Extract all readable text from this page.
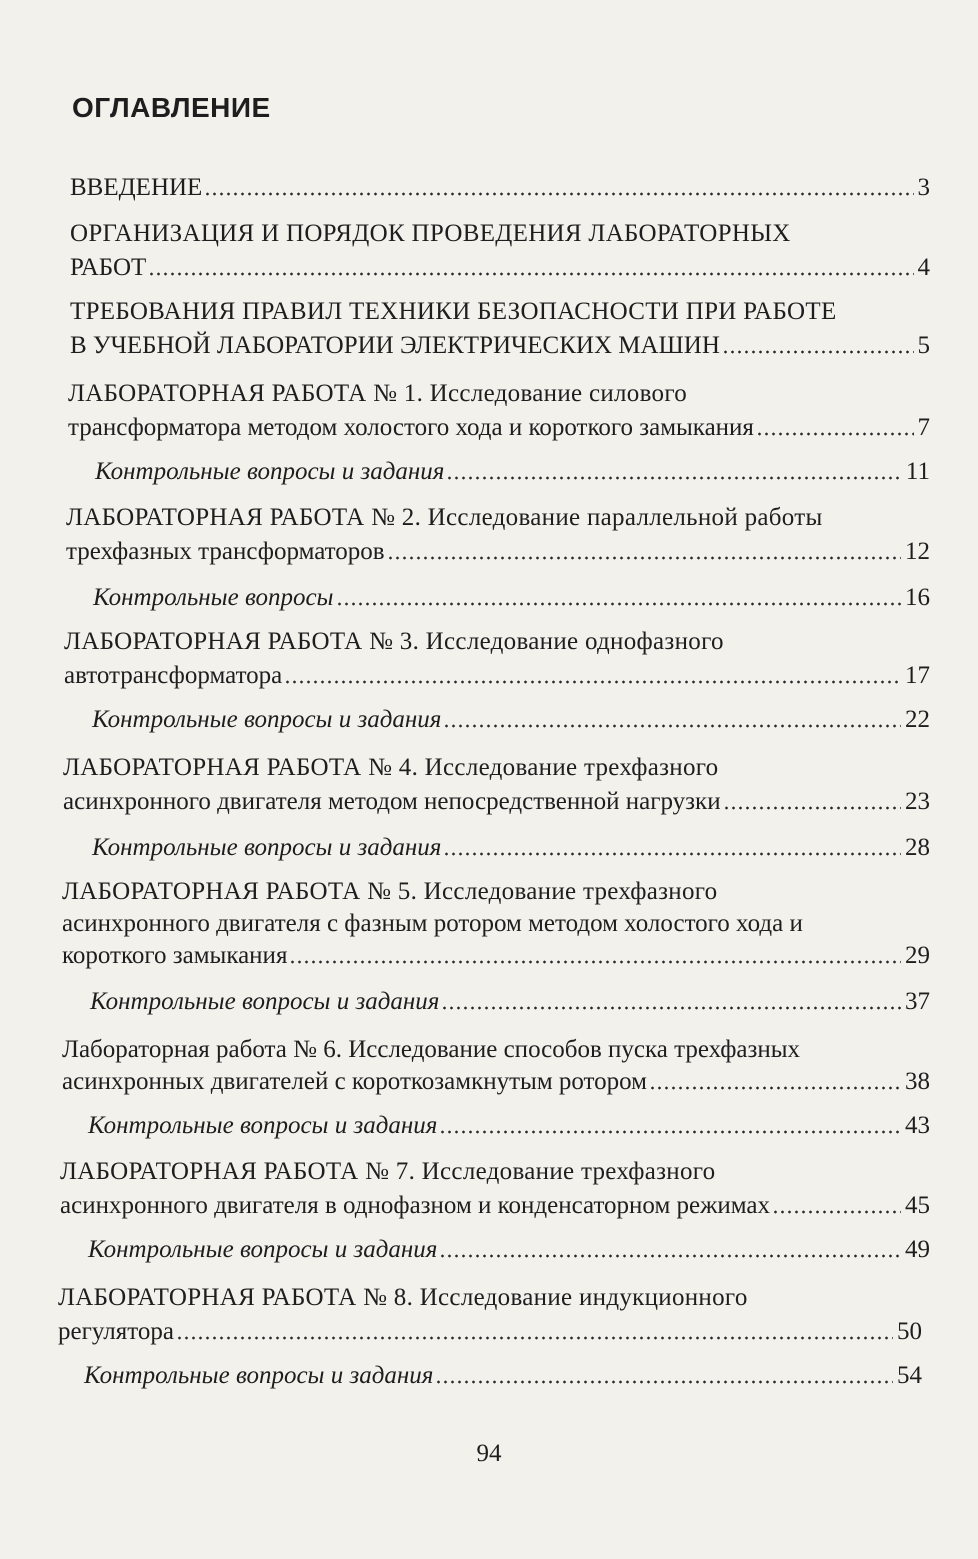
ОГЛАВЛЕНИЕ
ВВЕДЕНИЕ	3
ОРГАНИЗАЦИЯ И ПОРЯДОК ПРОВЕДЕНИЯ ЛАБОРАТОРНЫХ
РАБОТ	4
ТРЕБОВАНИЯ ПРАВИЛ ТЕХНИКИ БЕЗОПАСНОСТИ ПРИ РАБОТЕ
В УЧЕБНОЙ ЛАБОРАТОРИИ ЭЛЕКТРИЧЕСКИХ МАШИН	5
ЛАБОРАТОРНАЯ РАБОТА № 1. Исследование силового
трансформатора методом холостого хода и короткого замыкания	7
Контрольные вопросы и задания	11
ЛАБОРАТОРНАЯ РАБОТА № 2. Исследование параллельной работы
трехфазных трансформаторов	12
Контрольные вопросы	16
ЛАБОРАТОРНАЯ РАБОТА № 3. Исследование однофазного
автотрансформатора	17
Контрольные вопросы и задания	22
ЛАБОРАТОРНАЯ РАБОТА № 4. Исследование трехфазного
асинхронного двигателя методом непосредственной нагрузки	23
Контрольные вопросы и задания	28
ЛАБОРАТОРНАЯ РАБОТА № 5. Исследование трехфазного
асинхронного двигателя с фазным ротором методом холостого хода и
короткого замыкания	29
Контрольные вопросы и задания	37
Лабораторная работа № 6. Исследование способов пуска трехфазных
асинхронных двигателей с короткозамкнутым ротором	38
Контрольные вопросы и задания	43
ЛАБОРАТОРНАЯ РАБОТА № 7. Исследование трехфазного
асинхронного двигателя в однофазном и конденсаторном режимах	45
Контрольные вопросы и задания	49
ЛАБОРАТОРНАЯ РАБОТА № 8. Исследование индукционного
регулятора	50
Контрольные вопросы и задания	54
94
